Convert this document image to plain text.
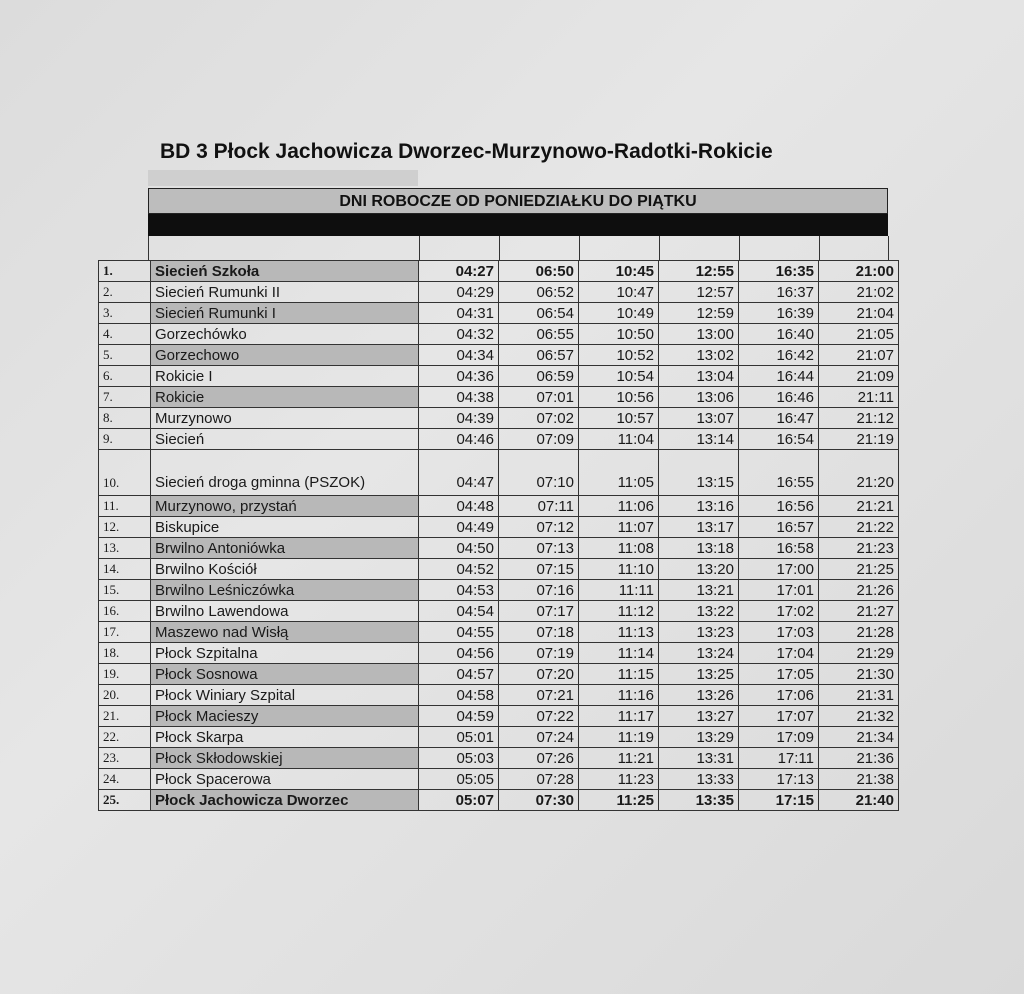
BD 3 Płock Jachowicza Dworzec-Murzynowo-Radotki-Rokicie
DNI ROBOCZE OD PONIEDZIAŁKU DO PIĄTKU
1.	Siecień Szkoła	04:27	06:50	10:45	12:55	16:35	21:00
2.	Siecień Rumunki II	04:29	06:52	10:47	12:57	16:37	21:02
3.	Siecień Rumunki I	04:31	06:54	10:49	12:59	16:39	21:04
4.	Gorzechówko	04:32	06:55	10:50	13:00	16:40	21:05
5.	Gorzechowo	04:34	06:57	10:52	13:02	16:42	21:07
6.	Rokicie I	04:36	06:59	10:54	13:04	16:44	21:09
7.	Rokicie	04:38	07:01	10:56	13:06	16:46	21:11
8.	Murzynowo	04:39	07:02	10:57	13:07	16:47	21:12
9.	Siecień	04:46	07:09	11:04	13:14	16:54	21:19
10.	Siecień droga gminna (PSZOK)	04:47	07:10	11:05	13:15	16:55	21:20
11.	Murzynowo, przystań	04:48	07:11	11:06	13:16	16:56	21:21
12.	Biskupice	04:49	07:12	11:07	13:17	16:57	21:22
13.	Brwilno Antoniówka	04:50	07:13	11:08	13:18	16:58	21:23
14.	Brwilno Kościół	04:52	07:15	11:10	13:20	17:00	21:25
15.	Brwilno Leśniczówka	04:53	07:16	11:11	13:21	17:01	21:26
16.	Brwilno Lawendowa	04:54	07:17	11:12	13:22	17:02	21:27
17.	Maszewo nad Wisłą	04:55	07:18	11:13	13:23	17:03	21:28
18.	Płock Szpitalna	04:56	07:19	11:14	13:24	17:04	21:29
19.	Płock Sosnowa	04:57	07:20	11:15	13:25	17:05	21:30
20.	Płock Winiary Szpital	04:58	07:21	11:16	13:26	17:06	21:31
21.	Płock Macieszy	04:59	07:22	11:17	13:27	17:07	21:32
22.	Płock Skarpa	05:01	07:24	11:19	13:29	17:09	21:34
23.	Płock Skłodowskiej	05:03	07:26	11:21	13:31	17:11	21:36
24.	Płock Spacerowa	05:05	07:28	11:23	13:33	17:13	21:38
25.	Płock Jachowicza Dworzec	05:07	07:30	11:25	13:35	17:15	21:40
